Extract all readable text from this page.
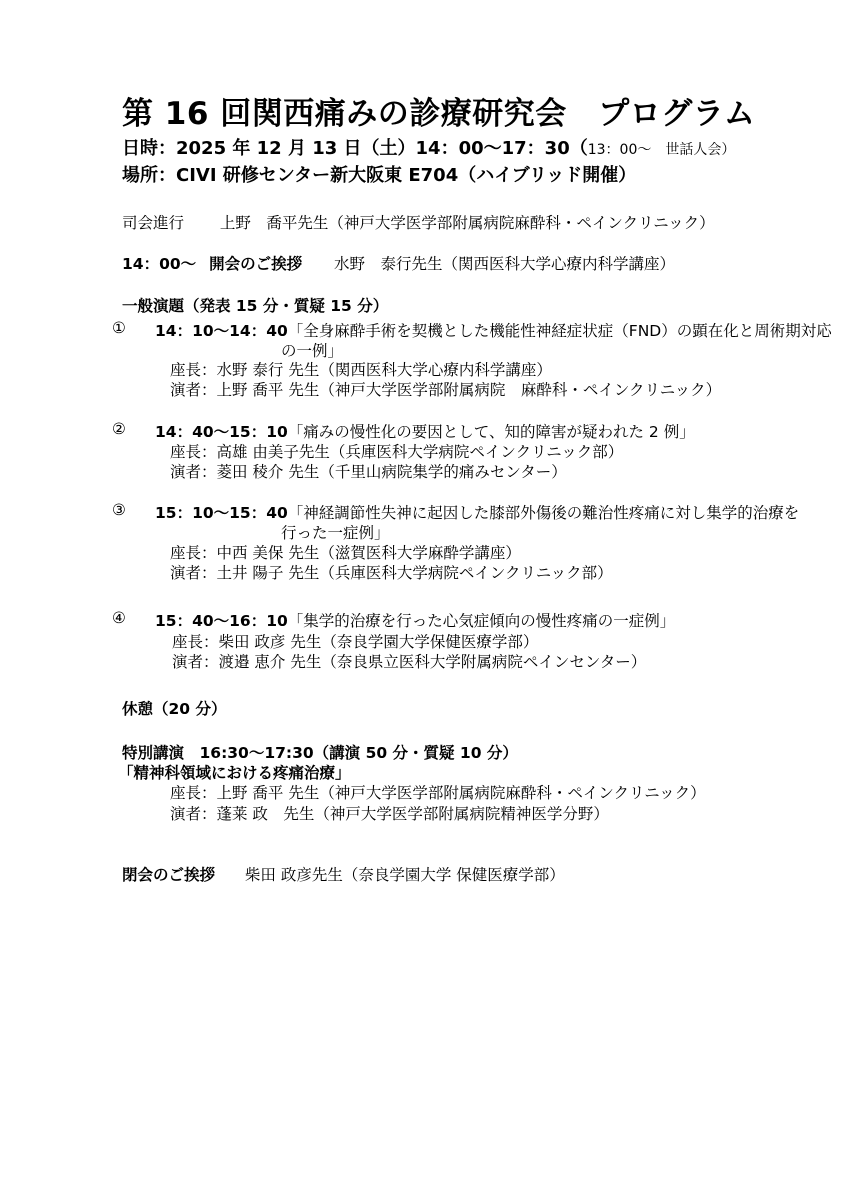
第 16 回関西痛みの診療研究会　プログラム
日時：2025 年 12 月 13 日（土）14：00～17：30（13：00～　世話人会）
場所：CIVI 研修センター新大阪東 E704（ハイブリッド開催）
司会進行 上野　喬平先生（神戸大学医学部附属病院麻酔科・ペインクリニック）
14：00～ 開会のご挨拶 水野　泰行先生（関西医科大学心療内科学講座）
一般演題（発表 15 分・質疑 15 分）
① 14：10～14：40「全身麻酔手術を契機とした機能性神経症状症（FND）の顕在化と周術期対応
の一例」
座長：水野 泰行 先生（関西医科大学心療内科学講座）
演者：上野 喬平 先生（神戸大学医学部附属病院　麻酔科・ペインクリニック）
② 14：40～15：10「痛みの慢性化の要因として、知的障害が疑われた 2 例」
座長：高雄 由美子先生（兵庫医科大学病院ペインクリニック部）
演者：菱田 稜介 先生（千里山病院集学的痛みセンター）
③ 15：10～15：40「神経調節性失神に起因した膝部外傷後の難治性疼痛に対し集学的治療を
行った一症例」
座長：中西 美保 先生（滋賀医科大学麻酔学講座）
演者：土井 陽子 先生（兵庫医科大学病院ペインクリニック部）
④ 15：40～16：10「集学的治療を行った心気症傾向の慢性疼痛の一症例」
座長：柴田 政彦 先生（奈良学園大学保健医療学部）
演者：渡邉 恵介 先生（奈良県立医科大学附属病院ペインセンター）
休憩（20 分）
特別講演　16:30～17:30（講演 50 分・質疑 10 分）
「精神科領域における疼痛治療」
座長：上野 喬平 先生（神戸大学医学部附属病院麻酔科・ペインクリニック）
演者：蓬莱 政　先生（神戸大学医学部附属病院精神医学分野）
閉会のご挨拶 柴田 政彦先生（奈良学園大学 保健医療学部）
